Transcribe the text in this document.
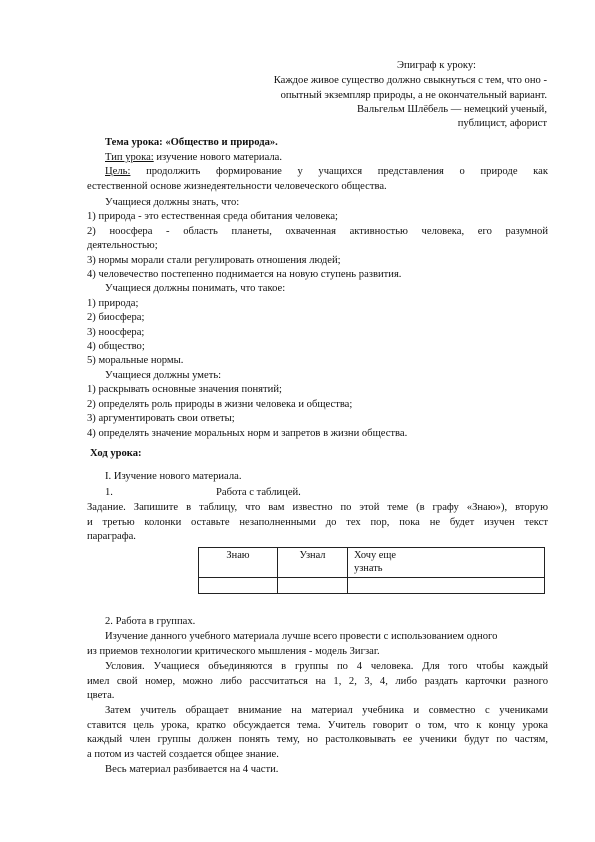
Эпиграф к уроку:
Каждое живое существо должно свыкнуться с тем, что оно -
опытный экземпляр природы, а не окончательный вариант.
Вальгельм Шлёбель — немецкий ученый,
публицист, афорист
Тема урока: «Общество и природа».
Тип урока: изучение нового материала.
Цель: продолжить формирование у учащихся представления о природе как
естественной основе жизнедеятельности человеческого общества.
Учащиеся должны знать, что:
1) природа - это естественная среда обитания человека;
2) ноосфера - область планеты, охваченная активностью человека, его разумной
деятельностью;
3) нормы морали стали регулировать отношения людей;
4) человечество постепенно поднимается на новую ступень развития.
Учащиеся должны понимать, что такое:
1) природа;
2) биосфера;
3) ноосфера;
4) общество;
5) моральные нормы.
Учащиеся должны уметь:
1) раскрывать основные значения понятий;
2) определять роль природы в жизни человека и общества;
3) аргументировать свои ответы;
4) определять значение моральных норм и запретов в жизни общества.
Ход урока:
I. Изучение нового материала.
1.	Работа с таблицей.
Задание. Запишите в таблицу, что вам известно по этой теме (в графу «Знаю»), вторую
и третью колонки оставьте незаполненными до тех пор, пока не будет изучен текст
параграфа.
Знаю	Узнал	Хочу еще
узнать

2. Работа в группах.
Изучение данного учебного материала лучше всего провести с использованием одного
из приемов технологии критического мышления - модель Зигзаг.
Условия. Учащиеся объединяются в группы по 4 человека. Для того чтобы каждый
имел свой номер, можно либо рассчитаться на 1, 2, 3, 4, либо раздать карточки разного
цвета.
Затем учитель обращает внимание на материал учебника и совместно с учениками
ставится цель урока, кратко обсуждается тема. Учитель говорит о том, что к концу урока
каждый член группы должен понять тему, но растолковывать ее ученики будут по частям,
а потом из частей создается общее знание.
Весь материал разбивается на 4 части.
